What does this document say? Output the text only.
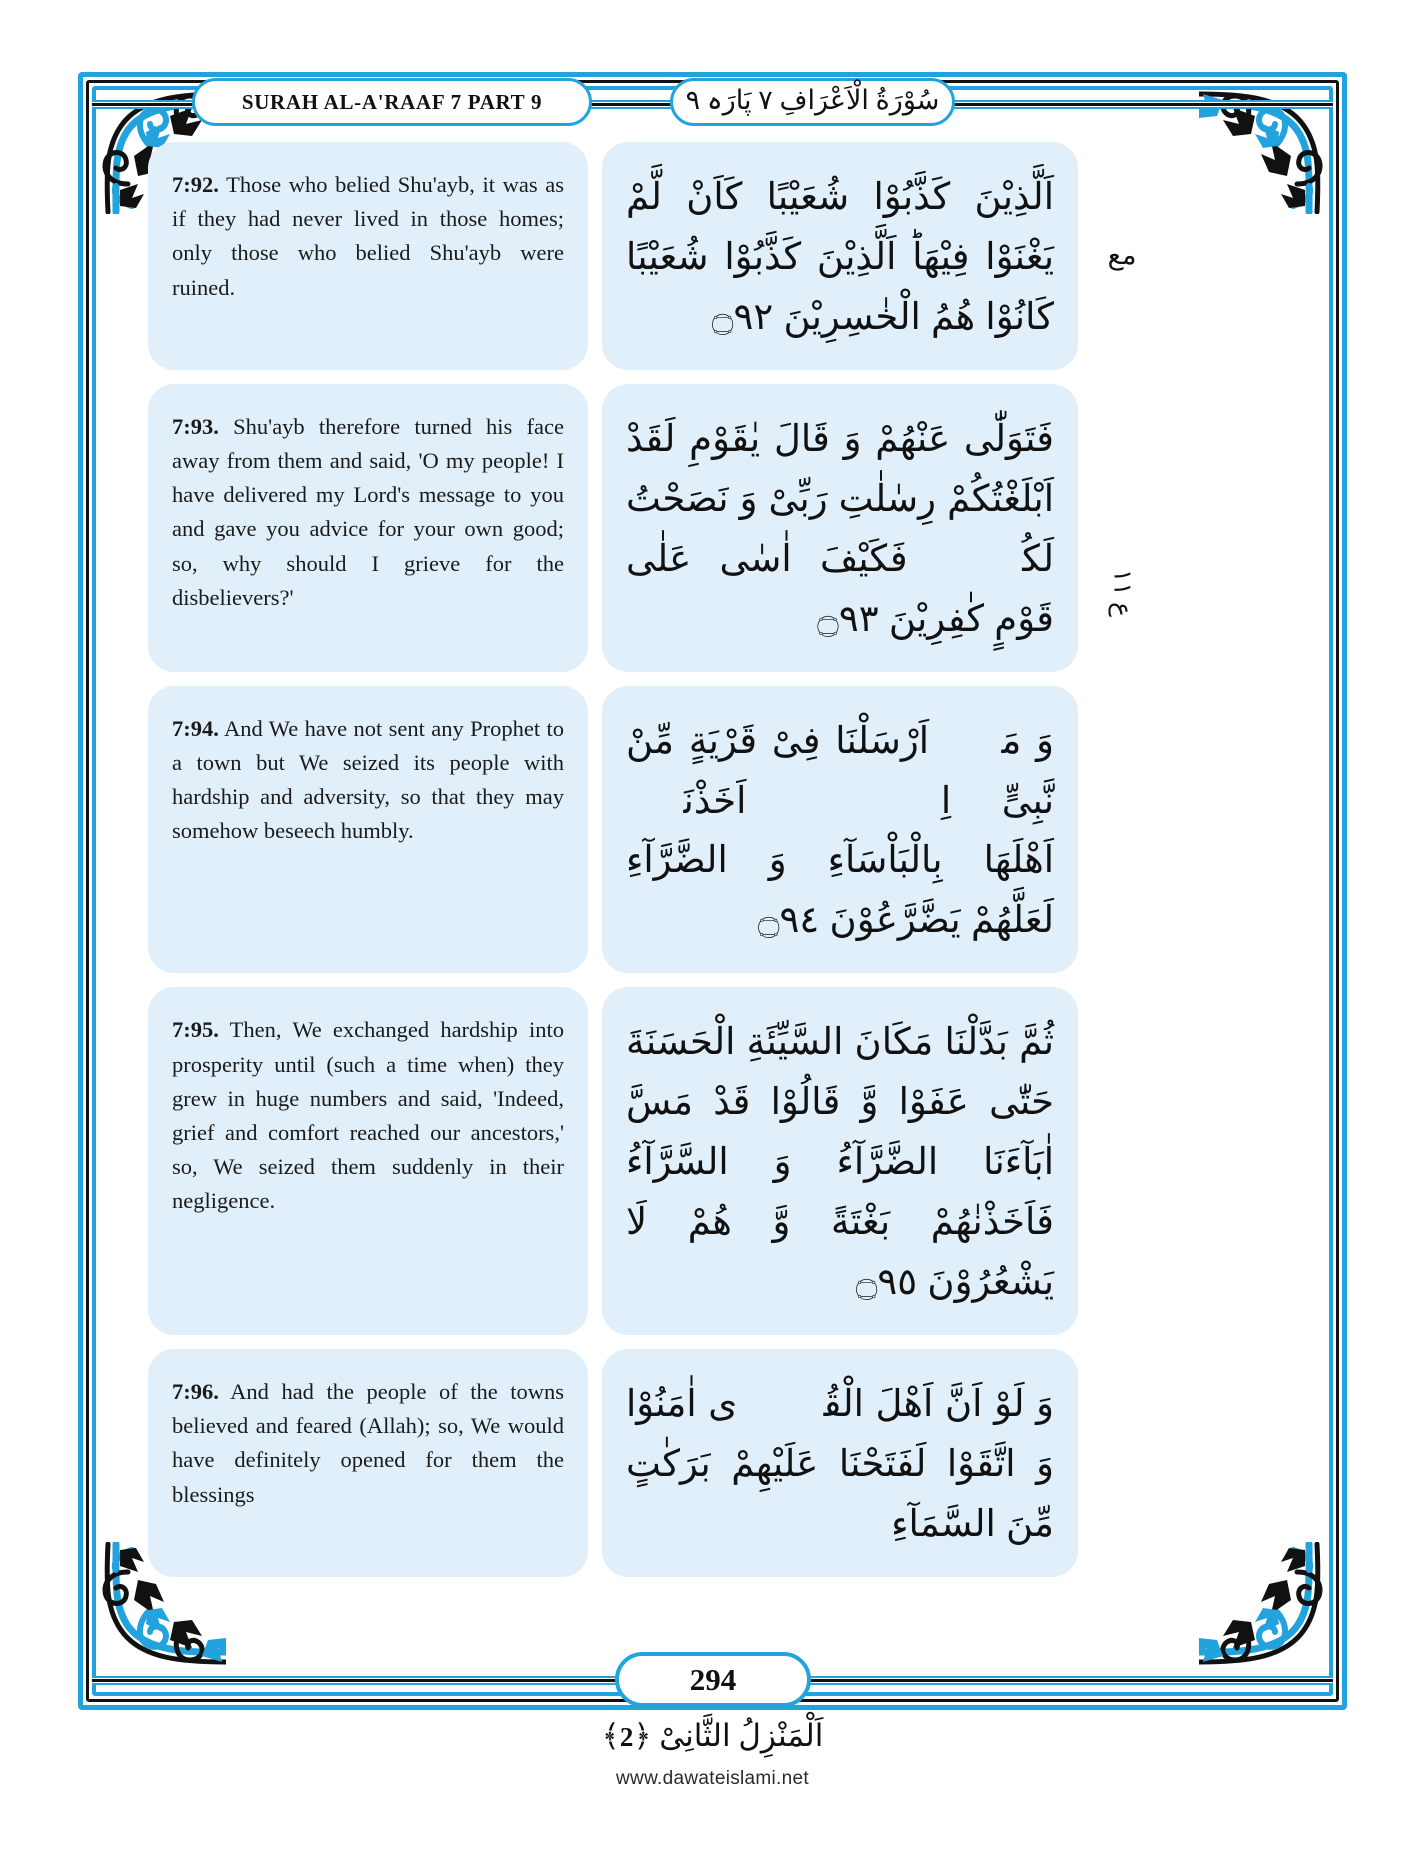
SURAH AL-A'RAAF 7 PART 9	سُوْرَةُ الْاَعْرَافِ ٧ پَارَہ ٩
7:92. Those who belied Shu'ayb, it was as if they had never lived in those homes; only those who belied Shu'ayb were ruined.
اَلَّذِیْنَ كَذَّبُوْا شُعَیْبًا كَاَنْ لَّمْ یَغْنَوْا فِیْهَاؕ اَلَّذِیْنَ كَذَّبُوْا شُعَیْبًا كَانُوْا هُمُ الْخٰسِرِیْنَ ۝٩٢
7:93. Shu'ayb therefore turned his face away from them and said, 'O my people! I have delivered my Lord's message to you and gave you advice for your own good; so, why should I grieve for the disbelievers?'
فَتَوَلّٰى عَنْهُمْ وَ قَالَ یٰقَوْمِ لَقَدْ اَبْلَغْتُكُمْ رِسٰلٰتِ رَبِّیْ وَ نَصَحْتُ لَكُمْۚ فَكَیْفَ اٰسٰى عَلٰى قَوْمٍ كٰفِرِیْنَ ۝٩٣
7:94. And We have not sent any Prophet to a town but We seized its people with hardship and adversity, so that they may somehow beseech humbly.
وَ مَاۤ اَرْسَلْنَا فِیْ قَرْیَةٍ مِّنْ نَّبِیٍّ اِلَّاۤ اَخَذْنَاۤ اَهْلَهَا بِالْبَاْسَآءِ وَ الضَّرَّآءِ لَعَلَّهُمْ یَضَّرَّعُوْنَ ۝٩٤
7:95. Then, We exchanged hardship into prosperity until (such a time when) they grew in huge numbers and said, 'Indeed, grief and comfort reached our ancestors,' so, We seized them suddenly in their negligence.
ثُمَّ بَدَّلْنَا مَكَانَ السَّیِّئَةِ الْحَسَنَةَ حَتّٰى عَفَوْا وَّ قَالُوْا قَدْ مَسَّ اٰبَآءَنَا الضَّرَّآءُ وَ السَّرَّآءُ فَاَخَذْنٰهُمْ بَغْتَةً وَّ هُمْ لَا یَشْعُرُوْنَ ۝٩٥
7:96. And had the people of the towns believed and feared (Allah); so, We would have definitely opened for them the blessings
وَ لَوْ اَنَّ اَهْلَ الْقُرٰۤى اٰمَنُوْا وَ اتَّقَوْا لَفَتَحْنَا عَلَیْهِمْ بَرَكٰتٍ مِّنَ السَّمَآءِ
مع
ع ١١
294
اَلْمَنْزِلُ الثَّانِیْ ﴿2﴾
www.dawateislami.net
